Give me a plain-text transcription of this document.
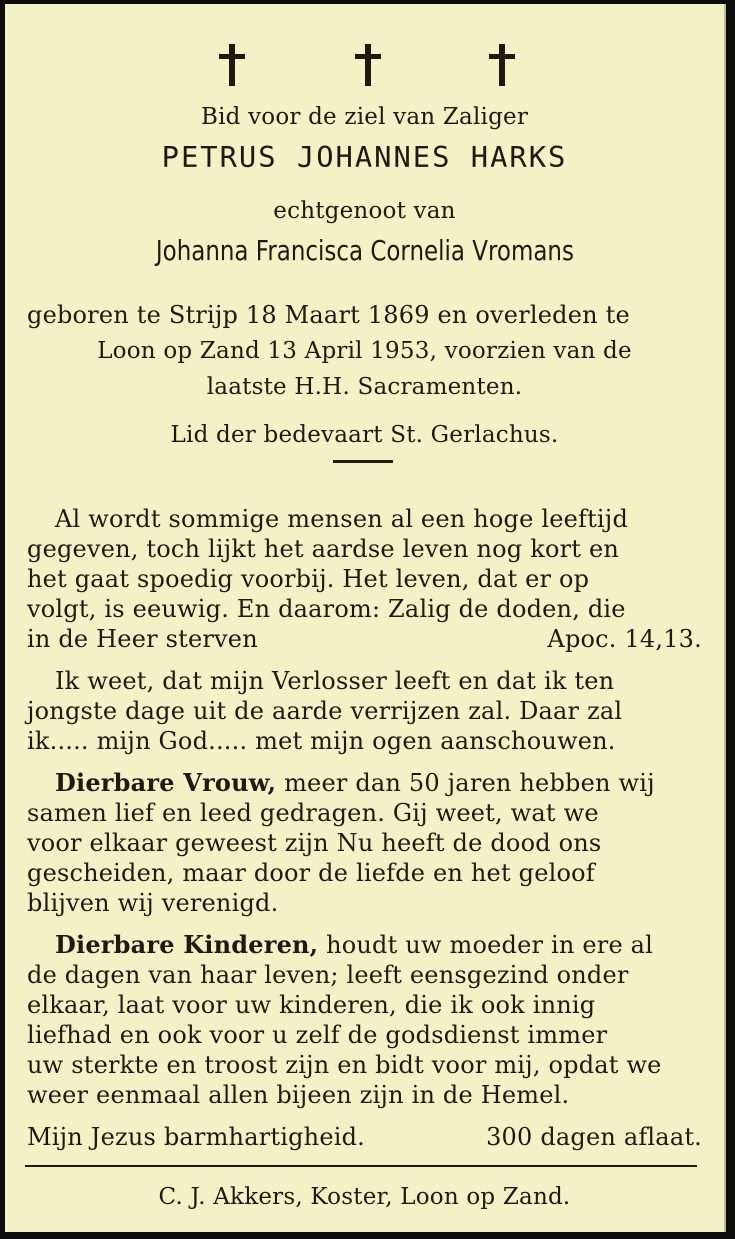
Bid voor de ziel van Zaliger
PETRUS JOHANNES HARKS
echtgenoot van
Johanna Francisca Cornelia Vromans
geboren te Strijp 18 Maart 1869 en overleden te
Loon op Zand 13 April 1953, voorzien van de
laatste H.H. Sacramenten.
Lid der bedevaart St. Gerlachus.
Al wordt sommige mensen al een hoge leeftijd
gegeven, toch lijkt het aardse leven nog kort en
het gaat spoedig voorbij. Het leven, dat er op
volgt, is eeuwig. En daarom: Zalig de doden, die
in de Heer sterven	Apoc. 14,13.
Ik weet, dat mijn Verlosser leeft en dat ik ten
jongste dage uit de aarde verrijzen zal. Daar zal
ik..... mijn God..... met mijn ogen aanschouwen.
Dierbare Vrouw, meer dan 50 jaren hebben wij
samen lief en leed gedragen. Gij weet, wat we
voor elkaar geweest zijn Nu heeft de dood ons
gescheiden, maar door de liefde en het geloof
blijven wij verenigd.
Dierbare Kinderen, houdt uw moeder in ere al
de dagen van haar leven; leeft eensgezind onder
elkaar, laat voor uw kinderen, die ik ook innig
liefhad en ook voor u zelf de godsdienst immer
uw sterkte en troost zijn en bidt voor mij, opdat we
weer eenmaal allen bijeen zijn in de Hemel.
Mijn Jezus barmhartigheid.	300 dagen aflaat.
C. J. Akkers, Koster, Loon op Zand.
